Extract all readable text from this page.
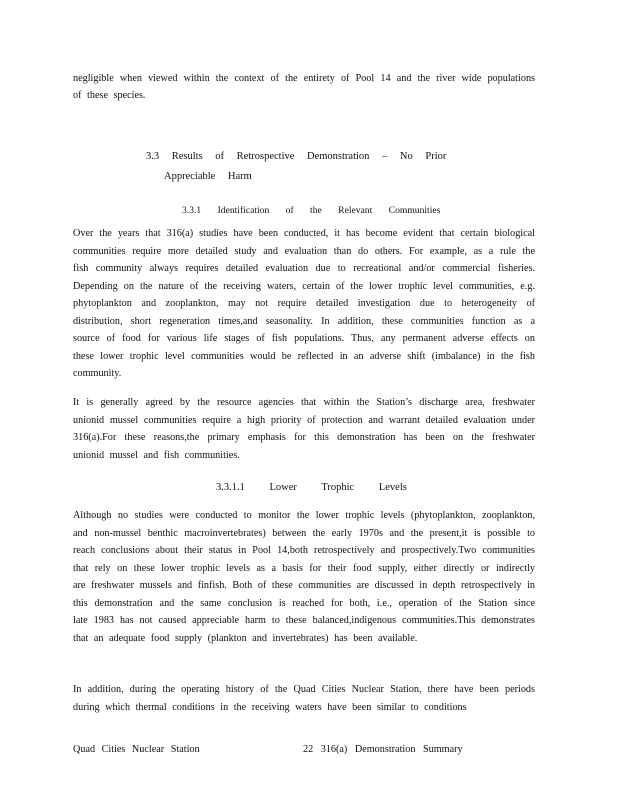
negligible when viewed within the context of the entirety of Pool 14 and the river wide populations of these species.

3.3 Results of Retrospective Demonstration – No Prior
Appreciable Harm
3.3.1 Identification of the Relevant Communities

Over the years that 316(a) studies have been conducted, it has become evident that certain biological communities require more detailed study and evaluation than do others. For example, as a rule the fish community always requires detailed evaluation due to recreational and/or commercial fisheries. Depending on the nature of the receiving waters, certain of the lower trophic level communities, e.g. phytoplankton and zooplankton, may not require detailed investigation due to heterogeneity of distribution, short regeneration times,and seasonality. In addition, these communities function as a source of food for various life stages of fish populations. Thus, any permanent adverse effects on these lower trophic level communities would be reflected in an adverse shift (imbalance) in the fish community.

It is generally agreed by the resource agencies that within the Station’s discharge area, freshwater unionid mussel communities require a high priority of protection and warrant detailed evaluation under 316(a).For these reasons,the primary emphasis for this demonstration has been on the freshwater unionid mussel and fish communities.

3.3.1.1 Lower Trophic Levels

Although no studies were conducted to monitor the lower trophic levels (phytoplankton, zooplankton, and non-mussel benthic macroinvertebrates) between the early 1970s and the present,it is possible to reach conclusions about their status in Pool 14,both retrospectively and prospectively.Two communities that rely on these lower trophic levels as a basis for their food supply, either directly or indirectly are freshwater mussels and finfish. Both of these communities are discussed in depth retrospectively in this demonstration and the same conclusion is reached for both, i.e., operation of the Station since late 1983 has not caused appreciable harm to these balanced,indigenous communities.This demonstrates that an adequate food supply (plankton and invertebrates) has been available.

In addition, during the operating history of the Quad Cities Nuclear Station, there have been periods during which thermal conditions in the receiving waters have been similar to conditions

Quad Cities Nuclear Station	22 316(a) Demonstration Summary
